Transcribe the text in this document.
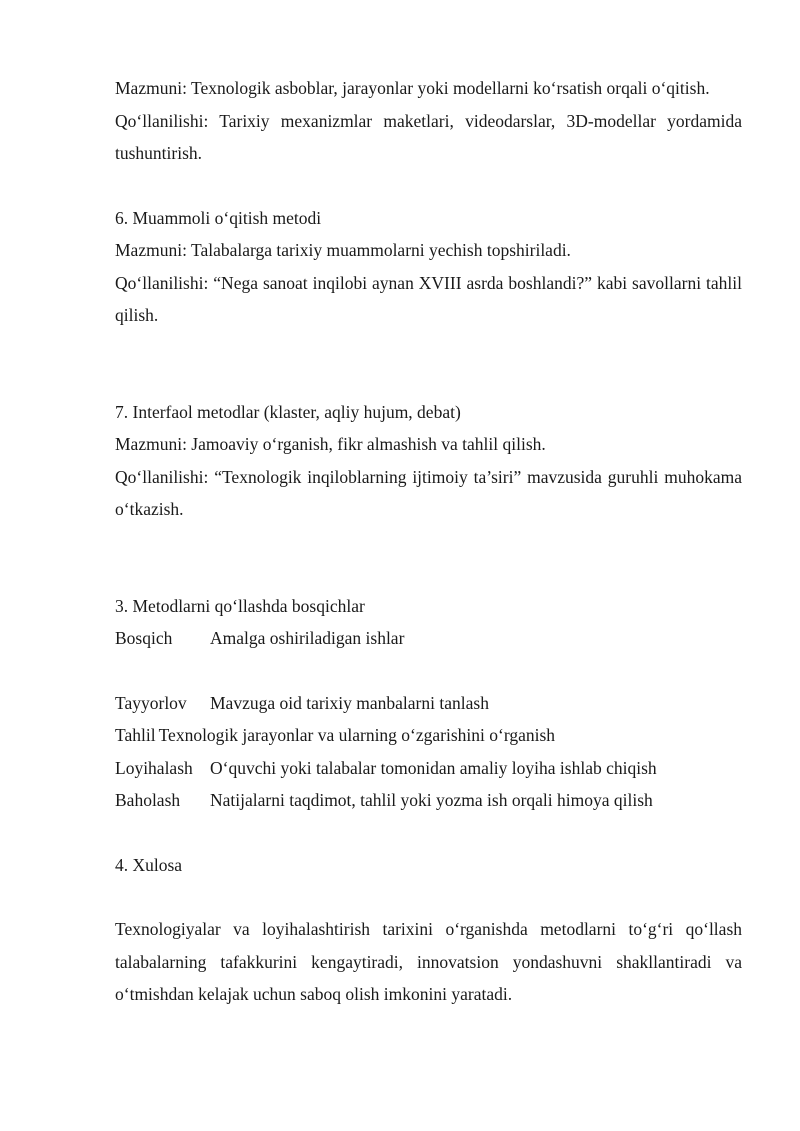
Mazmuni: Texnologik asboblar, jarayonlar yoki modellarni ko‘rsatish orqali o‘qitish.

Qo‘llanilishi: Tarixiy mexanizmlar maketlari, videodarslar, 3D-modellar yordamida tushuntirish.

6. Muammoli o‘qitish metodi

Mazmuni: Talabalarga tarixiy muammolarni yechish topshiriladi.

Qo‘llanilishi: “Nega sanoat inqilobi aynan XVIII asrda boshlandi?” kabi savollarni tahlil qilish.

7. Interfaol metodlar (klaster, aqliy hujum, debat)

Mazmuni: Jamoaviy o‘rganish, fikr almashish va tahlil qilish.

Qo‘llanilishi: “Texnologik inqiloblarning ijtimoiy ta’siri” mavzusida guruhli muhokama o‘tkazish.

3. Metodlarni qo‘llashda bosqichlar

Bosqich	Amalga oshiriladigan ishlar
Tayyorlov	Mavzuga oid tarixiy manbalarni tanlash
Tahlil Texnologik jarayonlar va ularning o‘zgarishini o‘rganish
Loyihalash O‘quvchi yoki talabalar tomonidan amaliy loyiha ishlab chiqish
Baholash	Natijalarni taqdimot, tahlil yoki yozma ish orqali himoya qilish

4. Xulosa

Texnologiyalar va loyihalashtirish tarixini o‘rganishda metodlarni to‘g‘ri qo‘llash talabalarning tafakkurini kengaytiradi, innovatsion yondashuvni shakllantiradi va o‘tmishdan kelajak uchun saboq olish imkonini yaratadi.
